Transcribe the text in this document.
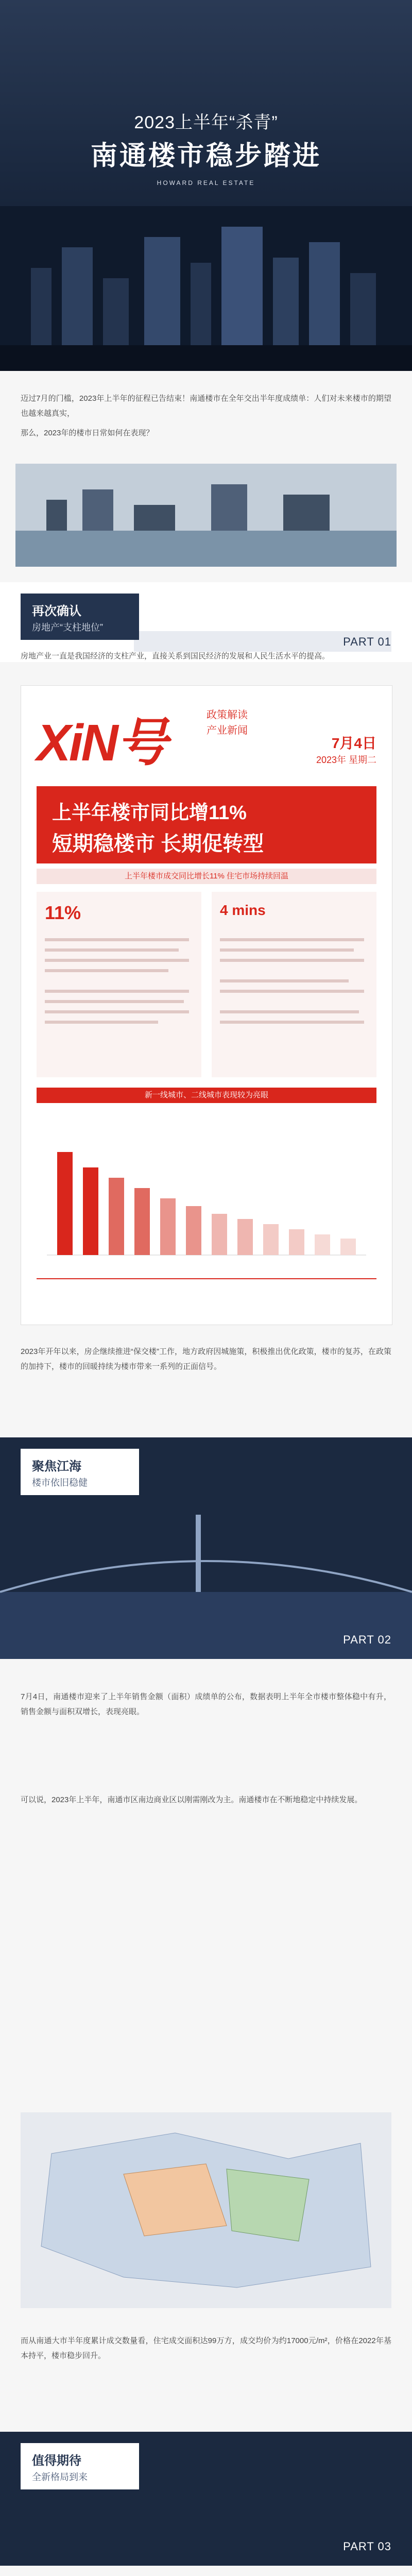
2023上半年“杀青”
南通楼市稳步踏进
HOWARD REAL ESTATE

迈过7月的门槛，2023年上半年的征程已告结束！南通楼市在全年交出半年度成绩单：人们对未来楼市的期望也越来越真实，

那么，2023年的楼市日常如何在表现？

再次确认
房地产“支柱地位”
PART 01
房地产业一直是我国经济的支柱产业，直接关系到国民经济的发展和人民生活水平的提高。
XiN号	政策解读
产业新闻
7月4日
2023年 星期二
上半年楼市同比增11%
短期稳楼市 长期促转型
上半年楼市成交同比增长11% 住宅市场持续回温
11%	4 mins
新一线城市、二线城市表现较为亮眼
2023年开年以来，房企继续推进“保交楼”工作，地方政府因城施策，积极推出优化政策，楼市的复苏，在政策的加持下，楼市的回暖持续为楼市带来一系列的正面信号。
聚焦江海
楼市依旧稳健
PART 02
7月4日，南通楼市迎来了上半年销售金额（面积）成绩单的公布，数据表明上半年全市楼市整体稳中有升，销售金额与面积双增长，表现亮眼。
可以说，2023年上半年，南通市区南边商业区以刚需刚改为主。南通楼市在不断地稳定中持续发展。
而从南通大市半年度累计成交数量看，住宅成交面积达99万方，成交均价为约17000元/m²，价格在2022年基本持平，楼市稳步回升。
值得期待
全新格局到来
PART 03
